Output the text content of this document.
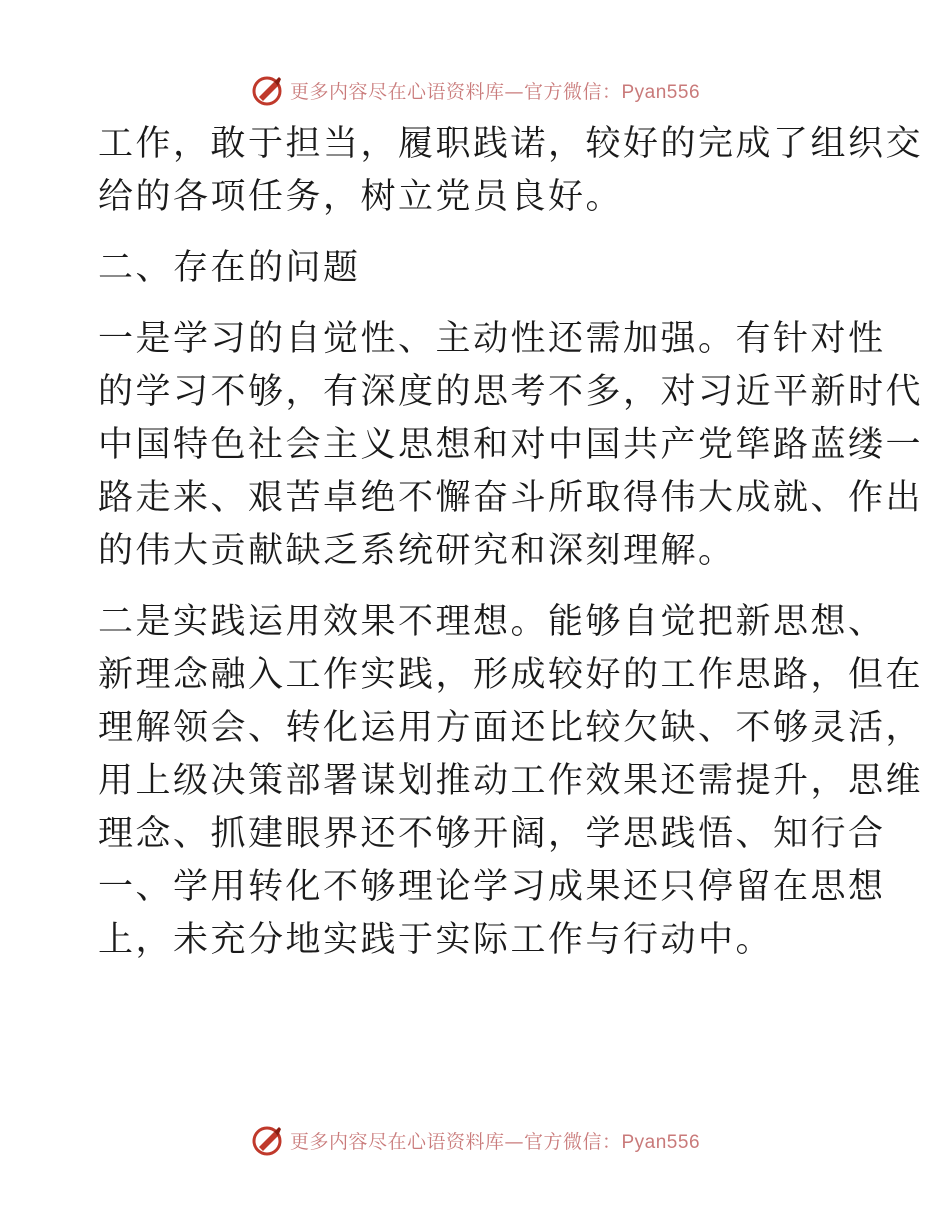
更多内容尽在心语资料库—官方微信：Pyan556
工作，敢于担当，履职践诺，较好的完成了组织交
给的各项任务，树立党员良好。
二、存在的问题
一是学习的自觉性、主动性还需加强。有针对性
的学习不够，有深度的思考不多，对习近平新时代
中国特色社会主义思想和对中国共产党筚路蓝缕一
路走来、艰苦卓绝不懈奋斗所取得伟大成就、作出
的伟大贡献缺乏系统研究和深刻理解。
二是实践运用效果不理想。能够自觉把新思想、
新理念融入工作实践，形成较好的工作思路，但在
理解领会、转化运用方面还比较欠缺、不够灵活，
用上级决策部署谋划推动工作效果还需提升，思维
理念、抓建眼界还不够开阔，学思践悟、知行合
一、学用转化不够理论学习成果还只停留在思想
上，未充分地实践于实际工作与行动中。
更多内容尽在心语资料库—官方微信：Pyan556
